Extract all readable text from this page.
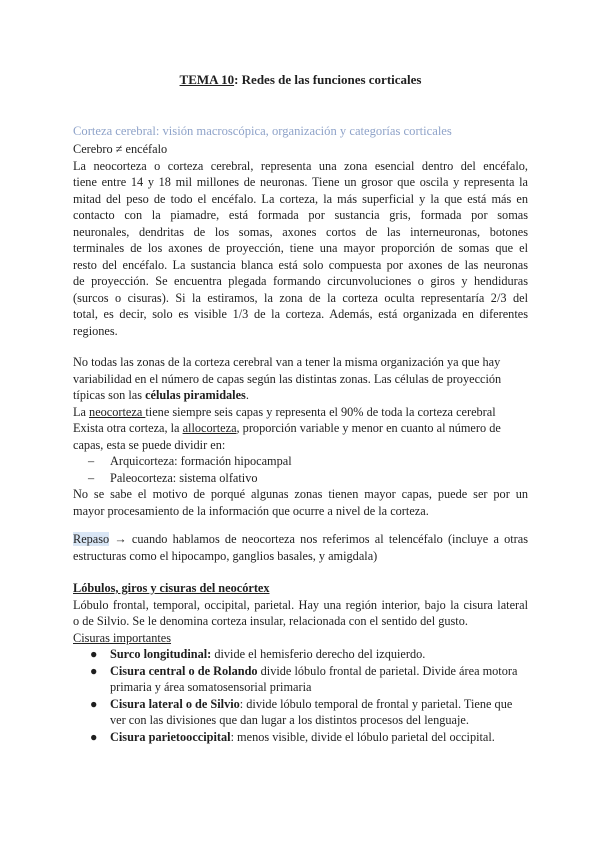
TEMA 10: Redes de las funciones corticales
Corteza cerebral: visión macroscópica, organización y categorías corticales
Cerebro ≠ encéfalo
La neocorteza o corteza cerebral, representa una zona esencial dentro del encéfalo,
tiene entre 14 y 18 mil millones de neuronas. Tiene un grosor que oscila y representa la
mitad del peso de todo el encéfalo. La corteza, la más superficial y la que está más en
contacto con la piamadre, está formada por sustancia gris, formada por somas
neuronales, dendritas de los somas, axones cortos de las interneuronas, botones
terminales de los axones de proyección, tiene una mayor proporción de somas que el
resto del encéfalo. La sustancia blanca está solo compuesta por axones de las neuronas
de proyección. Se encuentra plegada formando circunvoluciones o giros y hendiduras
(surcos o cisuras). Si la estiramos, la zona de la corteza oculta representaría 2/3 del
total, es decir, solo es visible 1/3 de la corteza. Además, está organizada en diferentes
regiones.
No todas las zonas de la corteza cerebral van a tener la misma organización ya que hay
variabilidad en el número de capas según las distintas zonas. Las células de proyección
típicas son las células piramidales.
La neocorteza tiene siempre seis capas y representa el 90% de toda la corteza cerebral
Exista otra corteza, la allocorteza, proporción variable y menor en cuanto al número de
capas, esta se puede dividir en:
– Arquicorteza: formación hipocampal
– Paleocorteza: sistema olfativo
No se sabe el motivo de porqué algunas zonas tienen mayor capas, puede ser por un
mayor procesamiento de la información que ocurre a nivel de la corteza.
Repaso → cuando hablamos de neocorteza nos referimos al telencéfalo (incluye a otras
estructuras como el hipocampo, ganglios basales, y amigdala)
Lóbulos, giros y cisuras del neocórtex
Lóbulo frontal, temporal, occipital, parietal. Hay una región interior, bajo la cisura lateral
o de Silvio. Se le denomina corteza insular, relacionada con el sentido del gusto.
Cisuras importantes
● Surco longitudinal: divide el hemisferio derecho del izquierdo.
● Cisura central o de Rolando divide lóbulo frontal de parietal. Divide área motora
primaria y área somatosensorial primaria
● Cisura lateral o de Silvio: divide lóbulo temporal de frontal y parietal. Tiene que
ver con las divisiones que dan lugar a los distintos procesos del lenguaje.
● Cisura parietooccipital: menos visible, divide el lóbulo parietal del occipital.
